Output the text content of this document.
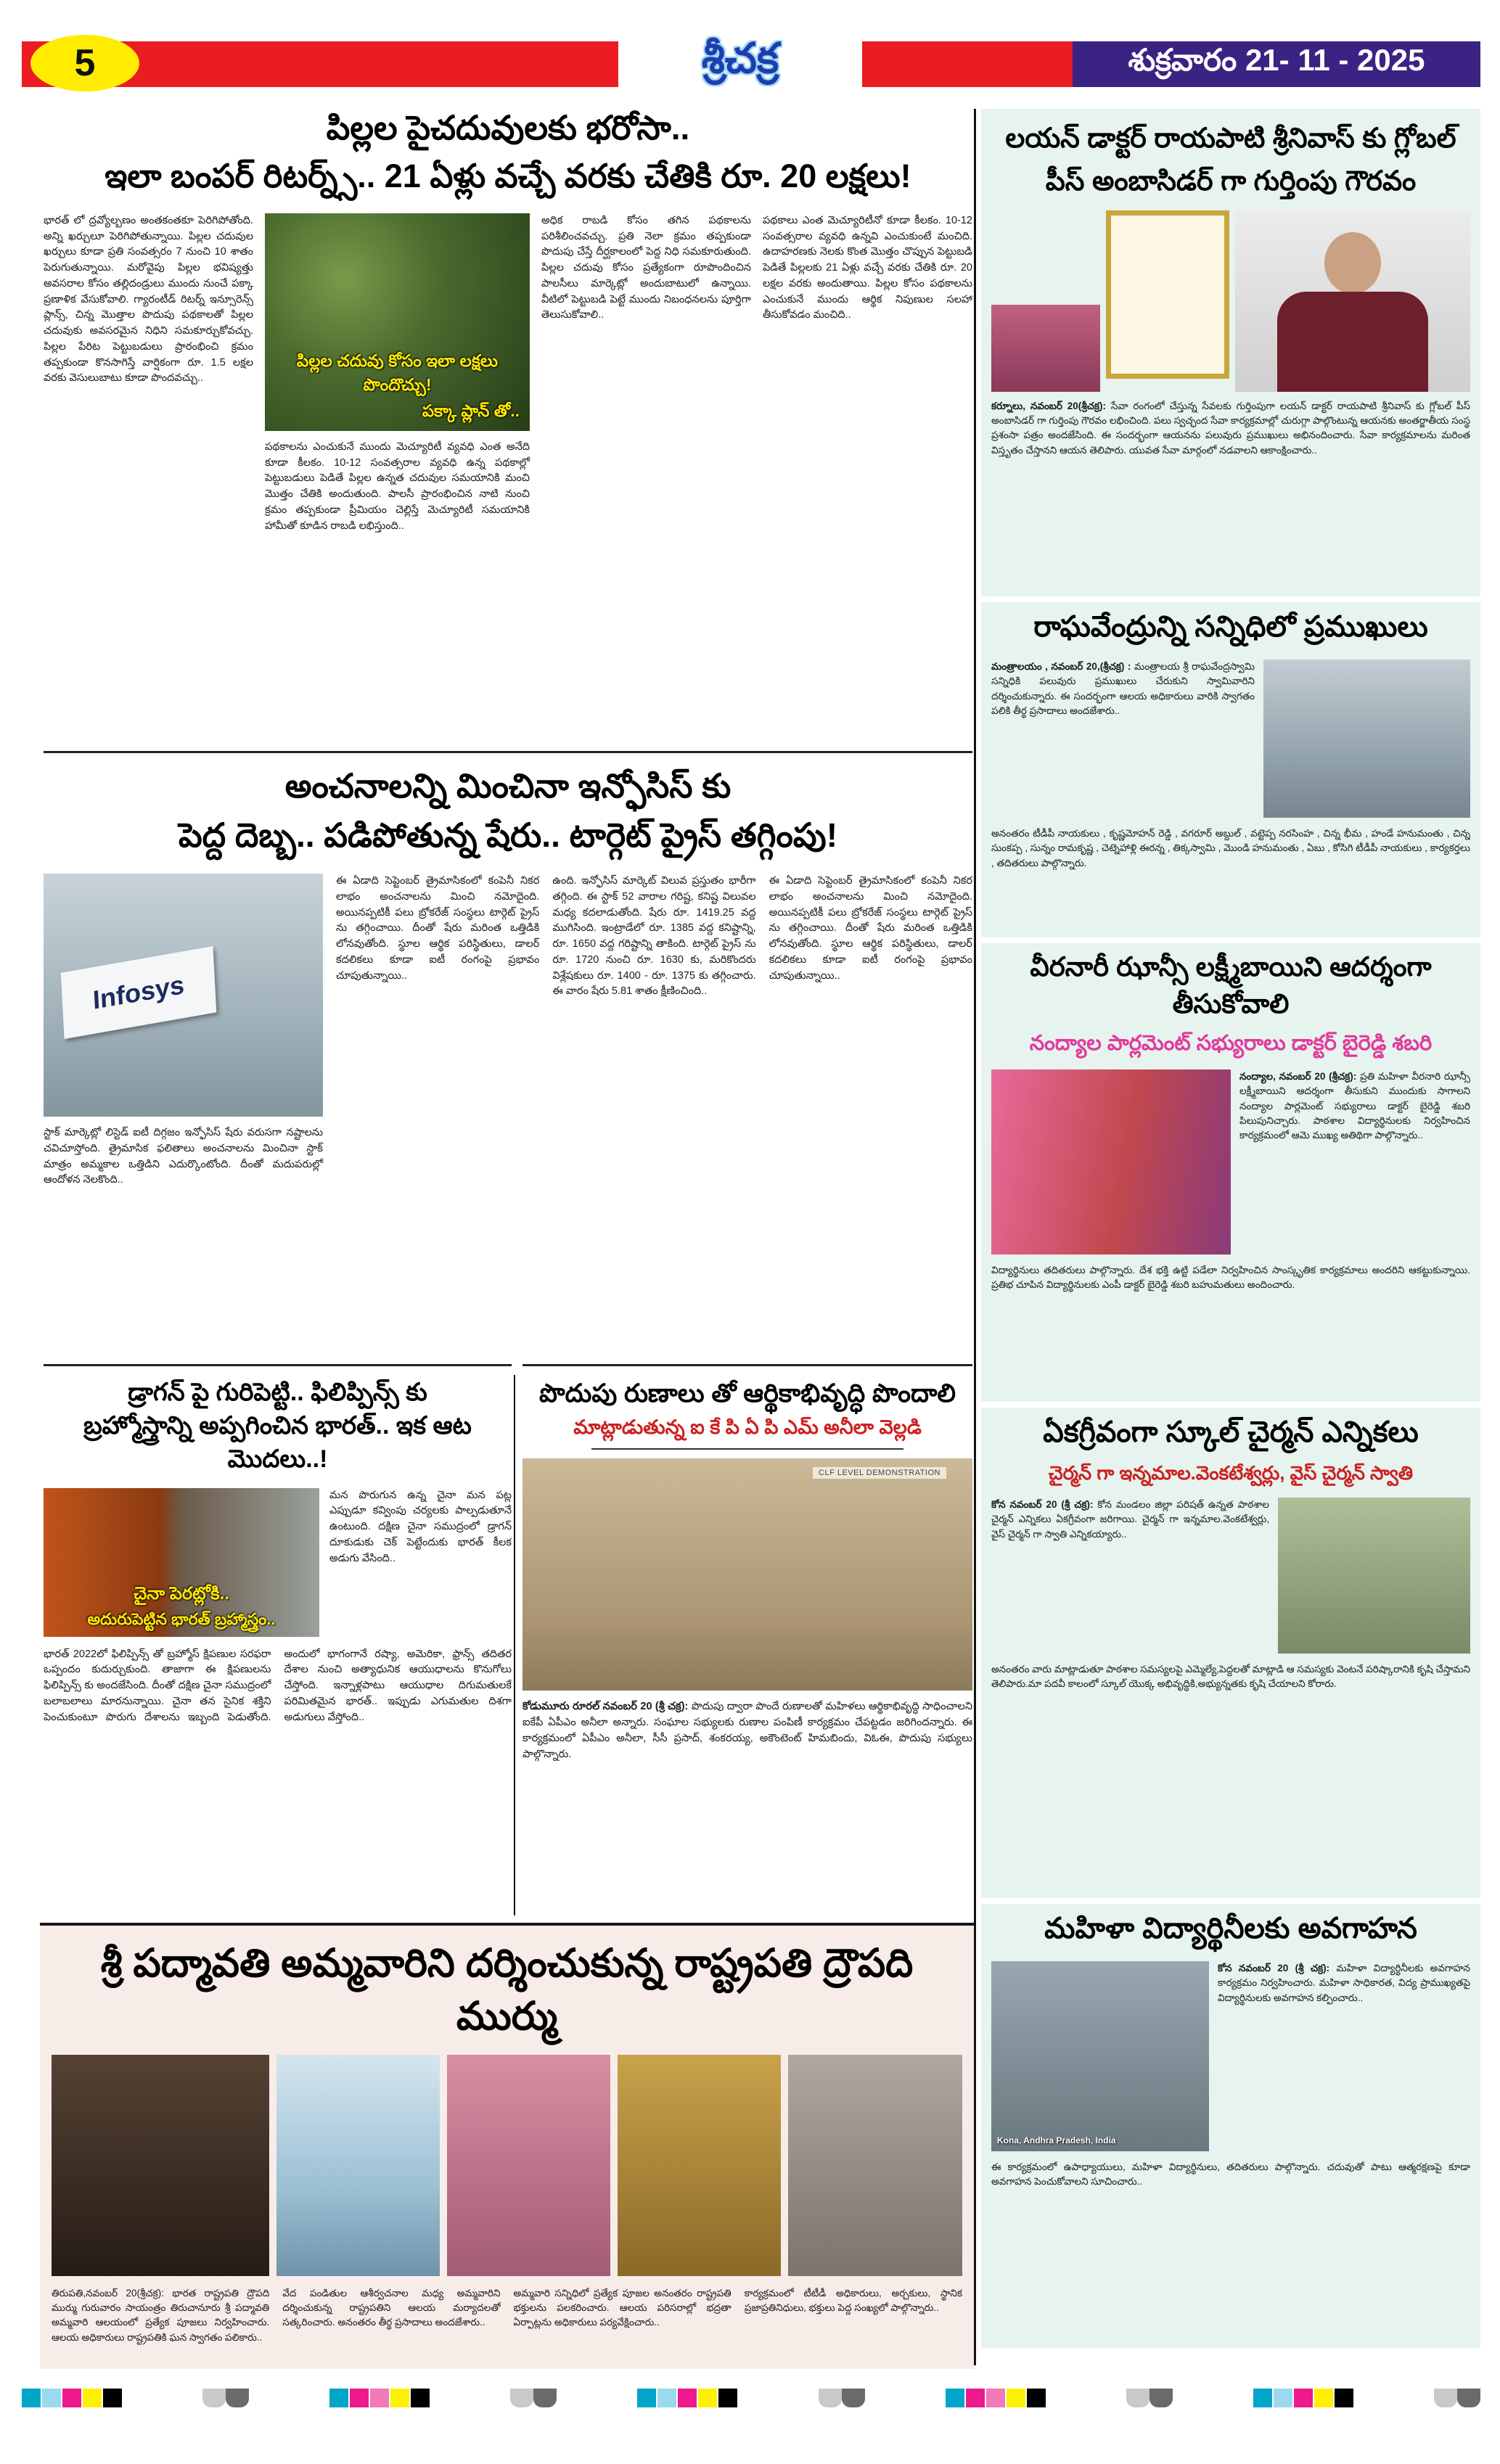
5	శ్రీచక్ర	శుక్రవారం 21- 11 - 2025
పిల్లల పైచదువులకు భరోసా..
ఇలా బంపర్ రిటర్న్స్.. 21 ఏళ్లు వచ్చే వరకు చేతికి రూ. 20 లక్షలు!
భారత్ లో ద్రవ్యోల్బణం అంతకంతకూ పెరిగిపోతోంది. అన్ని ఖర్చులూ పెరిగిపోతున్నాయి. పిల్లల చదువుల ఖర్చులు కూడా ప్రతి సంవత్సరం 7 నుంచి 10 శాతం పెరుగుతున్నాయి. మరోవైపు పిల్లల భవిష్యత్తు అవసరాల కోసం తల్లిదండ్రులు ముందు నుంచే పక్కా ప్రణాళిక వేసుకోవాలి. గ్యారంటీడ్ రిటర్న్ ఇన్సూరెన్స్ ప్లాన్స్, చిన్న మొత్తాల పొదుపు పథకాలతో పిల్లల చదువుకు అవసరమైన నిధిని సమకూర్చుకోవచ్చు. పిల్లల పేరిట పెట్టుబడులు ప్రారంభించి క్రమం తప్పకుండా కొనసాగిస్తే వార్షికంగా రూ. 1.5 లక్షల వరకు వెసులుబాటు కూడా పొందవచ్చు..
పిల్లల చదువు కోసం ఇలా లక్షలు పొందొచ్చు!
పక్కా ప్లాన్ తో..
పథకాలను ఎంచుకునే ముందు మెచ్యూరిటీ వ్యవధి ఎంత అనేది కూడా కీలకం. 10-12 సంవత్సరాల వ్యవధి ఉన్న పథకాల్లో పెట్టుబడులు పెడితే పిల్లల ఉన్నత చదువుల సమయానికి మంచి మొత్తం చేతికి అందుతుంది. పాలసీ ప్రారంభించిన నాటి నుంచి క్రమం తప్పకుండా ప్రీమియం చెల్లిస్తే మెచ్యూరిటీ సమయానికి హామీతో కూడిన రాబడి లభిస్తుంది..
అధిక రాబడి కోసం తగిన పథకాలను పరిశీలించవచ్చు. ప్రతి నెలా క్రమం తప్పకుండా పొదుపు చేస్తే దీర్ఘకాలంలో పెద్ద నిధి సమకూరుతుంది. పిల్లల చదువు కోసం ప్రత్యేకంగా రూపొందించిన పాలసీలు మార్కెట్లో అందుబాటులో ఉన్నాయి. వీటిలో పెట్టుబడి పెట్టే ముందు నిబంధనలను పూర్తిగా తెలుసుకోవాలి..
పథకాలు ఎంత మెచ్యూరిటీనో కూడా కీలకం. 10-12 సంవత్సరాల వ్యవధి ఉన్నవి ఎంచుకుంటే మంచిది. ఉదాహరణకు నెలకు కొంత మొత్తం చొప్పున పెట్టుబడి పెడితే పిల్లలకు 21 ఏళ్లు వచ్చే వరకు చేతికి రూ. 20 లక్షల వరకు అందుతాయి. పిల్లల కోసం పథకాలను ఎంచుకునే ముందు ఆర్థిక నిపుణుల సలహా తీసుకోవడం మంచిది..
అంచనాలన్ని మించినా ఇన్ఫోసిస్ కు
పెద్ద దెబ్బ.. పడిపోతున్న షేరు.. టార్గెట్ ప్రైస్ తగ్గింపు!
Infosys
స్టాక్ మార్కెట్లో లిస్టెడ్ ఐటీ దిగ్గజం ఇన్ఫోసిస్ షేరు వరుసగా నష్టాలను చవిచూస్తోంది. త్రైమాసిక ఫలితాలు అంచనాలను మించినా స్టాక్ మాత్రం అమ్మకాల ఒత్తిడిని ఎదుర్కొంటోంది. దీంతో మదుపరుల్లో ఆందోళన నెలకొంది..
ఈ ఏడాది సెప్టెంబర్ త్రైమాసికంలో కంపెనీ నికర లాభం అంచనాలను మించి నమోదైంది. అయినప్పటికీ పలు బ్రోకరేజ్ సంస్థలు టార్గెట్ ప్రైస్ ను తగ్గించాయి. దీంతో షేరు మరింత ఒత్తిడికి లోనవుతోంది. స్థూల ఆర్థిక పరిస్థితులు, డాలర్ కదలికలు కూడా ఐటీ రంగంపై ప్రభావం చూపుతున్నాయి..
ఉంది. ఇన్ఫోసిస్ మార్కెట్ విలువ ప్రస్తుతం భారీగా తగ్గింది. ఈ స్టాక్ 52 వారాల గరిష్ట, కనిష్ట విలువల మధ్య కదలాడుతోంది. షేరు రూ. 1419.25 వద్ద ముగిసింది. ఇంట్రాడేలో రూ. 1385 వద్ద కనిష్టాన్ని, రూ. 1650 వద్ద గరిష్టాన్ని తాకింది. టార్గెట్ ప్రైస్ ను రూ. 1720 నుంచి రూ. 1630 కు, మరికొందరు విశ్లేషకులు రూ. 1400 - రూ. 1375 కు తగ్గించారు. ఈ వారం షేరు 5.81 శాతం క్షీణించింది..
ఈ ఏడాది సెప్టెంబర్ త్రైమాసికంలో కంపెనీ నికర లాభం అంచనాలను మించి నమోదైంది. అయినప్పటికీ పలు బ్రోకరేజ్ సంస్థలు టార్గెట్ ప్రైస్ ను తగ్గించాయి. దీంతో షేరు మరింత ఒత్తిడికి లోనవుతోంది. స్థూల ఆర్థిక పరిస్థితులు, డాలర్ కదలికలు కూడా ఐటీ రంగంపై ప్రభావం చూపుతున్నాయి..
డ్రాగన్ పై గురిపెట్టి.. ఫిలిప్పిన్స్ కు
బ్రహ్మోస్త్రాన్ని అప్పగించిన భారత్.. ఇక ఆట మొదలు..!
చైనా పెరట్లోకి..
అదురుపెట్టిన భారత్ బ్రహ్మాస్త్రం..
మన పొరుగున ఉన్న చైనా మన పట్ల ఎప్పుడూ కవ్వింపు చర్యలకు పాల్పడుతూనే ఉంటుంది. దక్షిణ చైనా సముద్రంలో డ్రాగన్ దూకుడుకు చెక్ పెట్టేందుకు భారత్ కీలక అడుగు వేసింది..
భారత్ 2022లో ఫిలిప్పిన్స్ తో బ్రహ్మోస్ క్షిపణుల సరఫరా ఒప్పందం కుదుర్చుకుంది. తాజాగా ఈ క్షిపణులను ఫిలిప్పిన్స్ కు అందజేసింది. దీంతో దక్షిణ చైనా సముద్రంలో బలాబలాలు మారనున్నాయి. చైనా తన సైనిక శక్తిని పెంచుకుంటూ పొరుగు దేశాలను ఇబ్బంది పెడుతోంది. అందులో భాగంగానే రష్యా, అమెరికా, ఫ్రాన్స్ తదితర దేశాల నుంచి అత్యాధునిక ఆయుధాలను కొనుగోలు చేస్తోంది. ఇన్నాళ్లపాటు ఆయుధాల దిగుమతులకే పరిమితమైన భారత్.. ఇప్పుడు ఎగుమతుల దిశగా అడుగులు వేస్తోంది..
పొదుపు రుణాలు తో ఆర్థికాభివృద్ధి పొందాలి
మాట్లాడుతున్న ఐ కే పి ఏ పి ఎమ్ అనీలా వెల్లడి
CLF LEVEL DEMONSTRATION
కోడుమూరు రూరల్ నవంబర్ 20 (శ్రీ చక్ర): పొదుపు ద్వారా పొందే రుణాలతో మహిళలు ఆర్థికాభివృద్ధి సాధించాలని ఐకేపీ ఏపీఎం అనీలా అన్నారు. సంఘాల సభ్యులకు రుణాల పంపిణీ కార్యక్రమం చేపట్టడం జరిగిందన్నారు. ఈ కార్యక్రమంలో ఏపీఎం అనీలా, సీసీ ప్రసాద్, శంకరయ్య, అకౌంటెంట్ హిమబిందు, విఓఈ, పొదుపు సభ్యులు పాల్గొన్నారు.
శ్రీ పద్మావతి అమ్మవారిని దర్శించుకున్న రాష్ట్రపతి ద్రౌపది ముర్ము
తిరుపతి,నవంబర్ 20(శ్రీచక్ర): భారత రాష్ట్రపతి ద్రౌపది ముర్ము గురువారం సాయంత్రం తిరుచానూరు శ్రీ పద్మావతి అమ్మవారి ఆలయంలో ప్రత్యేక పూజలు నిర్వహించారు. ఆలయ అధికారులు రాష్ట్రపతికి ఘన స్వాగతం పలికారు..
వేద పండితుల ఆశీర్వచనాల మధ్య అమ్మవారిని దర్శించుకున్న రాష్ట్రపతిని ఆలయ మర్యాదలతో సత్కరించారు. అనంతరం తీర్థ ప్రసాదాలు అందజేశారు..
అమ్మవారి సన్నిధిలో ప్రత్యేక పూజల అనంతరం రాష్ట్రపతి భక్తులను పలకరించారు. ఆలయ పరిసరాల్లో భద్రతా ఏర్పాట్లను అధికారులు పర్యవేక్షించారు..
కార్యక్రమంలో టీటీడీ అధికారులు, అర్చకులు, స్థానిక ప్రజాప్రతినిధులు, భక్తులు పెద్ద సంఖ్యలో పాల్గొన్నారు..
లయన్ డాక్టర్ రాయపాటి శ్రీనివాస్ కు గ్లోబల్
పీస్ అంబాసిడర్ గా గుర్తింపు గౌరవం
కర్నూలు, నవంబర్ 20(శ్రీచక్ర): సేవా రంగంలో చేస్తున్న సేవలకు గుర్తింపుగా లయన్ డాక్టర్ రాయపాటి శ్రీనివాస్ కు గ్లోబల్ పీస్ అంబాసిడర్ గా గుర్తింపు గౌరవం లభించింది. పలు స్వచ్ఛంద సేవా కార్యక్రమాల్లో చురుగ్గా పాల్గొంటున్న ఆయనకు అంతర్జాతీయ సంస్థ ప్రశంసా పత్రం అందజేసింది. ఈ సందర్భంగా ఆయనను పలువురు ప్రముఖులు అభినందించారు. సేవా కార్యక్రమాలను మరింత విస్తృతం చేస్తానని ఆయన తెలిపారు. యువత సేవా మార్గంలో నడవాలని ఆకాంక్షించారు..
రాఘవేంద్రున్ని సన్నిధిలో ప్రముఖులు
మంత్రాలయం , నవంబర్ 20,(శ్రీచక్ర) : మంత్రాలయ శ్రీ రాఘవేంద్రస్వామి సన్నిధికి పలువురు ప్రముఖులు చేరుకుని స్వామివారిని దర్శించుకున్నారు. ఈ సందర్భంగా ఆలయ అధికారులు వారికి స్వాగతం పలికి తీర్థ ప్రసాదాలు అందజేశారు..
అనంతరం టీడీపీ నాయకులు , కృష్ణమోహన్ రెడ్డి , వగరూర్ అబ్దుల్ , వట్టెప్ప నరసింహ , చిన్న భీమ , హండే హనుమంతు , చిన్న సుంకప్ప , సున్నం రామకృష్ణ , చెట్నెహాళ్లి ఈరన్న , తిక్కస్వామి , మొండి హనుమంతు , ఏబు , కోసిగి టీడీపీ నాయకులు , కార్యకర్తలు , తదితరులు పాల్గొన్నారు.
వీరనారీ ఝాన్సీ లక్ష్మీబాయిని ఆదర్శంగా తీసుకోవాలి
నంద్యాల పార్లమెంట్ సభ్యురాలు డాక్టర్ బైరెడ్డి శబరి
నంద్యాల, నవంబర్ 20 (శ్రీచక్ర): ప్రతి మహిళా వీరనారి ఝాన్సీ లక్ష్మీబాయిని ఆదర్శంగా తీసుకుని ముందుకు సాగాలని నంద్యాల పార్లమెంట్ సభ్యురాలు డాక్టర్ బైరెడ్డి శబరి పిలుపునిచ్చారు. పాఠశాల విద్యార్థినులకు నిర్వహించిన కార్యక్రమంలో ఆమె ముఖ్య అతిథిగా పాల్గొన్నారు..
విద్యార్థినులు తదితరులు పాల్గొన్నారు. దేశ భక్తి ఉట్టి పడేలా నిర్వహించిన సాంస్కృతిక కార్యక్రమాలు అందరిని ఆకట్టుకున్నాయి. ప్రతిభ చూపిన విద్యార్థినులకు ఎంపీ డాక్టర్ బైరెడ్డి శబరి బహుమతులు అందించారు.
ఏకగ్రీవంగా స్కూల్ చైర్మన్ ఎన్నికలు
చైర్మన్ గా ఇన్నమాల.వెంకటేశ్వర్లు, వైస్ చైర్మన్ స్వాతి
కోన నవంబర్ 20 (శ్రీ చక్ర): కోన మండలం జిల్లా పరిషత్ ఉన్నత పాఠశాల చైర్మన్ ఎన్నికలు ఏకగ్రీవంగా జరిగాయి. చైర్మన్ గా ఇన్నమాల.వెంకటేశ్వర్లు, వైస్ చైర్మన్ గా స్వాతి ఎన్నికయ్యారు..
అనంతరం వారు మాట్లాడుతూ పాఠశాల సమస్యలపై ఎమ్మెల్యే,పెద్దలతో మాట్లాడి ఆ సమస్యకు వెంటనే పరిష్కారానికి కృషి చేస్తామని తెలిపారు.మా పదవీ కాలంలో స్కూల్ యొక్క అభివృద్ధికి,అభ్యున్నతకు కృషి చేయాలని కోరారు.
మహిళా విద్యార్థినీలకు అవగాహన
Kona, Andhra Pradesh, India
కోన నవంబర్ 20 (శ్రీ చక్ర): మహిళా విద్యార్థినీలకు అవగాహన కార్యక్రమం నిర్వహించారు. మహిళా సాధికారత, విద్య ప్రాముఖ్యతపై విద్యార్థినులకు అవగాహన కల్పించారు..
ఈ కార్యక్రమంలో ఉపాధ్యాయులు, మహిళా విద్యార్థినులు, తదితరులు పాల్గొన్నారు. చదువుతో పాటు ఆత్మరక్షణపై కూడా అవగాహన పెంచుకోవాలని సూచించారు..
